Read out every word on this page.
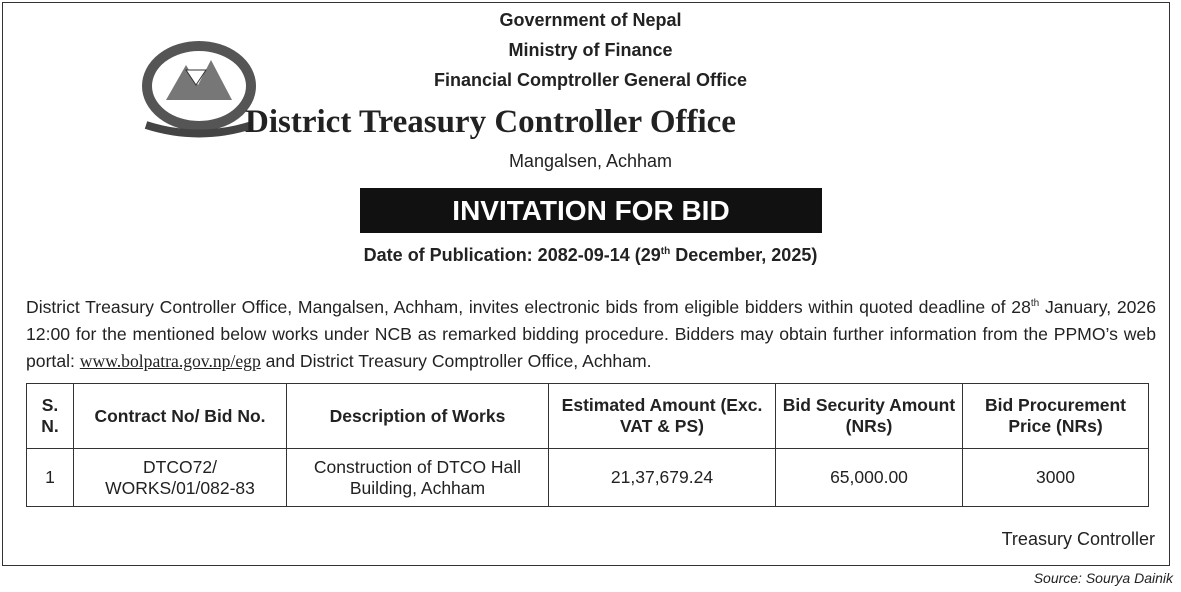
Government of Nepal
Ministry of Finance
Financial Comptroller General Office
District Treasury Controller Office
Mangalsen, Achham
INVITATION FOR BID
Date of Publication: 2082-09-14 (29th December, 2025)
District Treasury Controller Office, Mangalsen, Achham, invites electronic bids from eligible bidders within quoted deadline of 28th January, 2026 12:00 for the mentioned below works under NCB as remarked bidding procedure. Bidders may obtain further information from the PPMO’s web portal: www.bolpatra.gov.np/egp and District Treasury Comptroller Office, Achham.
S. N.	Contract No/ Bid No.	Description of Works	Estimated Amount (Exc. VAT & PS)	Bid Security Amount (NRs)	Bid Procurement Price (NRs)
1	DTCO72/ WORKS/01/082-83	Construction of DTCO Hall Building, Achham	21,37,679.24	65,000.00	3000
Treasury Controller
Source: Sourya Dainik
